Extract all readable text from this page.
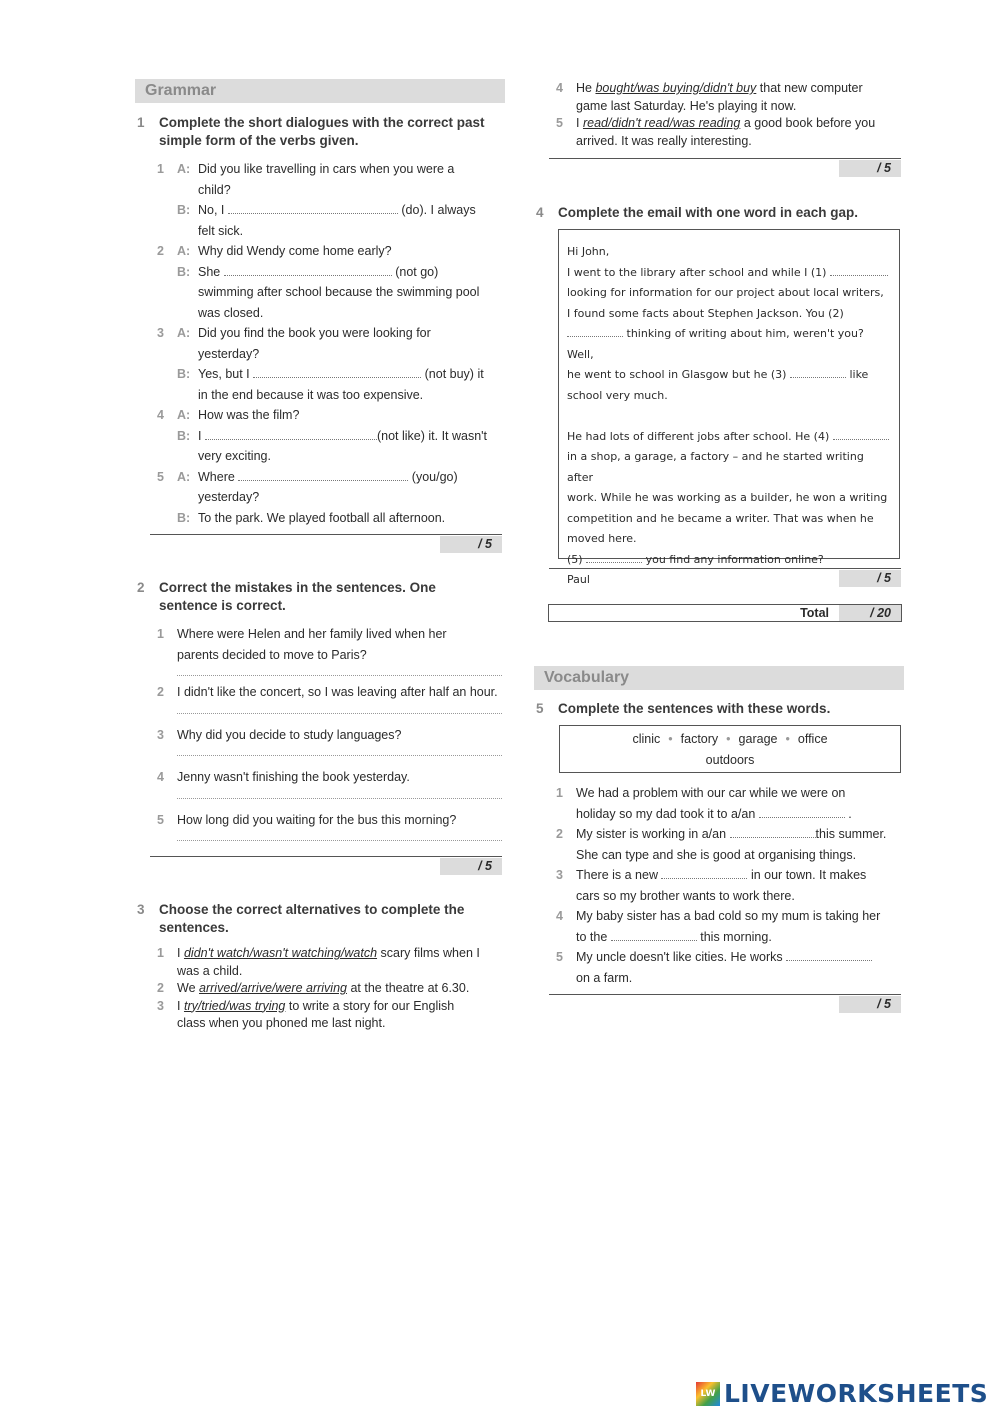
Grammar
1 Complete the short dialogues with the correct past simple form of the verbs given.
1 A: Did you like travelling in cars when you were a
child?
B: No, I	(do). I always
felt sick.
2 A: Why did Wendy come home early?
B: She	(not go)
swimming after school because the swimming pool
was closed.
3 A: Did you find the book you were looking for
yesterday?
B: Yes, but I	(not buy) it
in the end because it was too expensive.
4 A: How was the film?
B: I	(not like) it. It wasn't
very exciting.
5 A: Where	(you/go)
yesterday?
B: To the park. We played football all afternoon.
/ 5
2 Correct the mistakes in the sentences. One sentence is correct.
1 Where were Helen and her family lived when her
parents decided to move to Paris?
2 I didn't like the concert, so I was leaving after half an hour.
3 Why did you decide to study languages?
4 Jenny wasn't finishing the book yesterday.
5 How long did you waiting for the bus this morning?
/ 5
3 Choose the correct alternatives to complete the sentences.
1 I didn't watch/wasn't watching/watch scary films when I
was a child.
2 We arrived/arrive/were arriving at the theatre at 6.30.
3 I try/tried/was trying to write a story for our English
class when you phoned me last night.
4 He bought/was buying/didn't buy that new computer
game last Saturday. He's playing it now.
5 I read/didn't read/was reading a good book before you
arrived. It was really interesting.
/ 5
4 Complete the email with one word in each gap.

Hi John,

I went to the library after school and while I (1)

looking for information for our project about local writers,

I found some facts about Stephen Jackson. You (2)

thinking of writing about him, weren't you? Well,

he went to school in Glasgow but he (3)	like

school very much.

He had lots of different jobs after school. He (4)

in a shop, a garage, a factory – and he started writing after

work. While he was working as a builder, he won a writing

competition and he became a writer. That was when he

moved here.

(5)	you find any information online?

Paul	/ 5
Total	/ 20
Vocabulary
5 Complete the sentences with these words.
clinic • factory • garage • office
outdoors
1 We had a problem with our car while we were on
holiday so my dad took it to a/an	.
2 My sister is working in a/an	this summer.
She can type and she is good at organising things.
3 There is a new	in our town. It makes
cars so my brother wants to work there.
4 My baby sister has a bad cold so my mum is taking her
to the	this morning.
5 My uncle doesn't like cities. He works
on a farm.
/ 5
LW LIVEWORKSHEETS
